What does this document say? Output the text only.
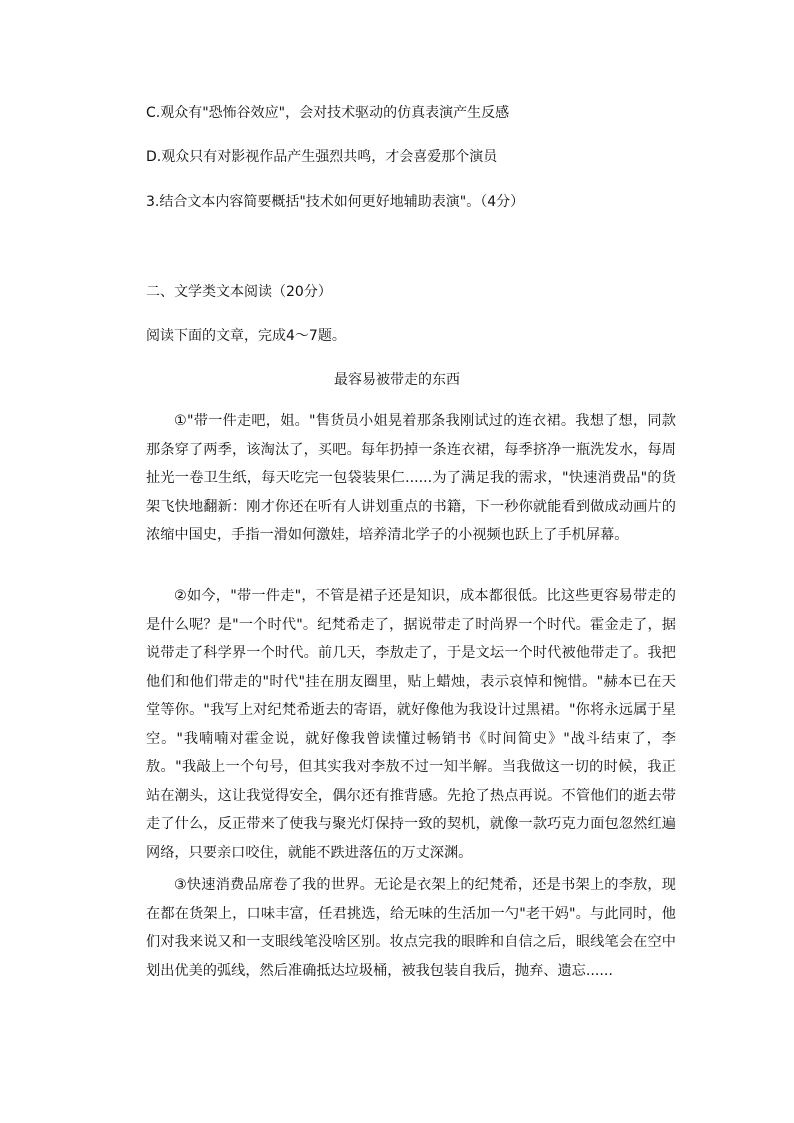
C.观众有"恐怖谷效应"，会对技术驱动的仿真表演产生反感
D.观众只有对影视作品产生强烈共鸣，才会喜爱那个演员
3.结合文本内容简要概括"技术如何更好地辅助表演"。（4分）
二、文学类文本阅读（20分）
阅读下面的文章，完成4～7题。
最容易被带走的东西

①"带一件走吧，姐。"售货员小姐晃着那条我刚试过的连衣裙。我想了想，同款那条穿了两季，该淘汰了，买吧。每年扔掉一条连衣裙，每季挤净一瓶洗发水，每周扯光一卷卫生纸，每天吃完一包袋装果仁......为了满足我的需求，"快速消费品"的货架飞快地翻新：刚才你还在听有人讲划重点的书籍，下一秒你就能看到做成动画片的浓缩中国史，手指一滑如何激娃，培养清北学子的小视频也跃上了手机屏幕。

②如今，"带一件走"，不管是裙子还是知识，成本都很低。比这些更容易带走的是什么呢？是"一个时代"。纪梵希走了，据说带走了时尚界一个时代。霍金走了，据说带走了科学界一个时代。前几天，李敖走了，于是文坛一个时代被他带走了。我把他们和他们带走的"时代"挂在朋友圈里，贴上蜡烛，表示哀悼和惋惜。"赫本已在天堂等你。"我写上对纪梵希逝去的寄语，就好像他为我设计过黑裙。"你将永远属于星空。"我喃喃对霍金说，就好像我曾读懂过畅销书《时间简史》"战斗结束了，李敖。"我敲上一个句号，但其实我对李敖不过一知半解。当我做这一切的时候，我正站在潮头，这让我觉得安全，偶尔还有推背感。先抢了热点再说。不管他们的逝去带走了什么，反正带来了使我与聚光灯保持一致的契机，就像一款巧克力面包忽然红遍网络，只要亲口咬住，就能不跌进落伍的万丈深渊。

③快速消费品席卷了我的世界。无论是衣架上的纪梵希，还是书架上的李敖，现在都在货架上，口味丰富，任君挑选，给无味的生活加一勺"老干妈"。与此同时，他们对我来说又和一支眼线笔没啥区别。妆点完我的眼眸和自信之后，眼线笔会在空中划出优美的弧线，然后准确抵达垃圾桶，被我包装自我后，抛弃、遗忘......
